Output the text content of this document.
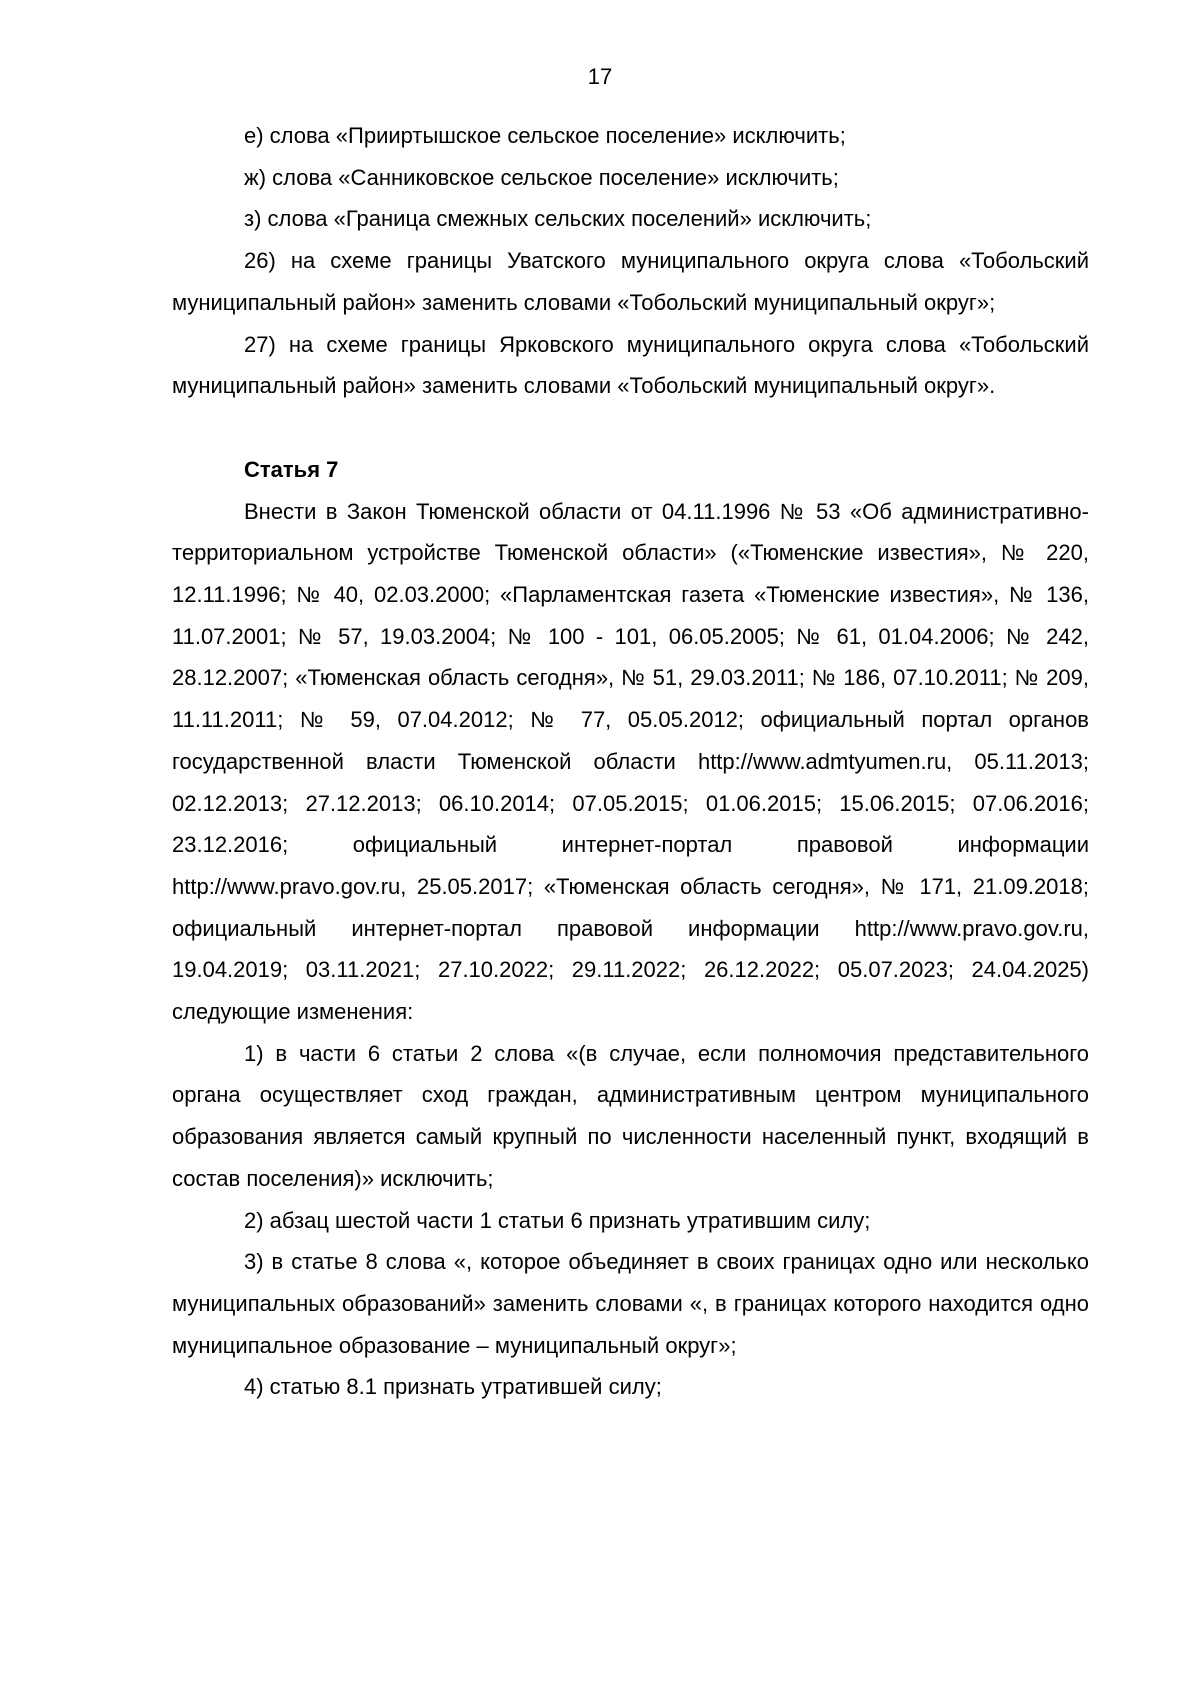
17

е) слова «Прииртышское сельское поселение» исключить;

ж) слова «Санниковское сельское поселение» исключить;

з) слова «Граница смежных сельских поселений» исключить;

26) на схеме границы Уватского муниципального округа слова «Тобольский муниципальный район» заменить словами «Тобольский муниципальный округ»;

27) на схеме границы Ярковского муниципального округа слова «Тобольский муниципальный район» заменить словами «Тобольский муниципальный округ».

Статья 7

Внести в Закон Тюменской области от 04.11.1996 № 53 «Об административно-территориальном устройстве Тюменской области» («Тюменские известия», № 220, 12.11.1996; № 40, 02.03.2000; «Парламентская газета «Тюменские известия», № 136, 11.07.2001; № 57, 19.03.2004; № 100 - 101, 06.05.2005; № 61, 01.04.2006; № 242, 28.12.2007; «Тюменская область сегодня», № 51, 29.03.2011; № 186, 07.10.2011; № 209, 11.11.2011; № 59, 07.04.2012; № 77, 05.05.2012; официальный портал органов государственной власти Тюменской области http://www.admtyumen.ru, 05.11.2013; 02.12.2013; 27.12.2013; 06.10.2014; 07.05.2015; 01.06.2015; 15.06.2015; 07.06.2016; 23.12.2016; официальный интернет-портал правовой информации http://www.pravo.gov.ru, 25.05.2017; «Тюменская область сегодня», № 171, 21.09.2018; официальный интернет-портал правовой информации http://www.pravo.gov.ru, 19.04.2019; 03.11.2021; 27.10.2022; 29.11.2022; 26.12.2022; 05.07.2023; 24.04.2025) следующие изменения:

1) в части 6 статьи 2 слова «(в случае, если полномочия представительного органа осуществляет сход граждан, административным центром муниципального образования является самый крупный по численности населенный пункт, входящий в состав поселения)» исключить;

2) абзац шестой части 1 статьи 6 признать утратившим силу;

3) в статье 8 слова «, которое объединяет в своих границах одно или несколько муниципальных образований» заменить словами «, в границах которого находится одно муниципальное образование – муниципальный округ»;

4) статью 8.1 признать утратившей силу;
